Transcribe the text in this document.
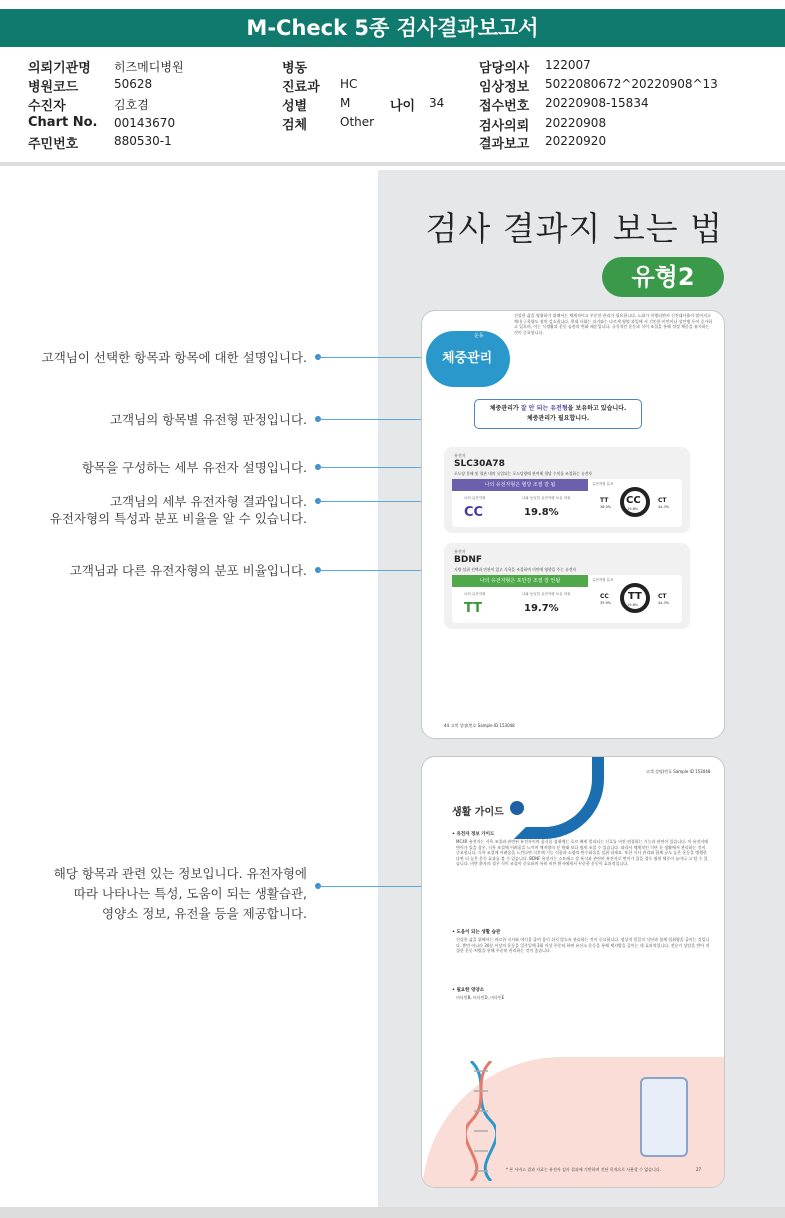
M-Check 5종 검사결과보고서
의뢰기관명 히즈메디병원
병원코드	50628
수진자	김호겸
Chart No. 00143670
주민번호	880530-1
병동
진료과 HC
성별	M
검체	Other
나이 34
담당의사 122007
임상정보 5022080672^20220908^13
접수번호 20220908-15834
검사의뢰 20220908
결과보고 20220920
고객님이 선택한 항목과 항목에 대한 설명입니다.
고객님의 항목별 유전형 판정입니다.
항목을 구성하는 세부 유전자 설명입니다.
고객님의 세부 유전자형 결과입니다.
유전자형의 특성과 분포 비율을 알 수 있습니다.
고객님과 다른 유전자형의 분포 비율입니다.
해당 항목과 관련 있는 정보입니다. 유전자형에
따라 나타나는 특성, 도움이 되는 생활습관,
영양소 정보, 유전율 등을 제공합니다.
검사 결과지 보는 법
유형2
운동
체중관리
건강한 삶을 영위하기 위해서는 체계적이고 꾸준한 관리가 필요합니다. 노화가 진행되면서 신진대사율이 떨어지고 체내 근육량도 점차 감소합니다. 현대 사회는 과거와는 다르게 영양 과잉에 서 기인한 비만이나 성인병 등이 증가하고 있으며, 이는 식생활과 운동 습관의 변화 때문입니다. 규칙적인 운동과 식이 조절을 통해 적정 체중을 유지하는 것이 중요합니다.
체중관리가 잘 안 되는 유전형을 보유하고 있습니다.
체중관리가 필요합니다.
유전자
SLC30A78
포도당 분해 및 혈관 내의 유입되는 포도당량에 관여해 혈당 수치를 조절하는 유전자
나의 유전자형은 혈당 조절 잘 됨
나의 유전자형	나와 동일한 유전자형 보유 비율
CC	19.8%
유전자형 분포
TT
36.0%
CC
19.8%
CT
44.3%
유전자
BDNF
지방 섭취 선택과 연관이 있고 식욕을 조절하여 비만에 영향을 주는 유전자
나의 유전자형은 포만감 조절 잘 안됨
나의 유전자형	나와 동일한 유전자형 보유 비율
TT	19.7%
유전자형 분포
CC
35.9%
TT
19.8%
CT
44.3%
44 고객 성명(번호 Sample ID 153048
고객 성명(번호 Sample ID 153048
생활 가이드
• 유전자 정보 가이드
MC4R 유전자는 식욕 조절과 관련된 유전자이며 음식물 섭취에는 호르 배게 멀리되는 신호를 비전 연결하는 기능과 관련이 있습니다. 이 유전자에 변이가 있을 경우, 식욕 조절에 어려움을 느끼며 체지방의 분 원래 보다 쉽게 조절 수 있습니다. 따라서 체계적인 식단 등 생활에서 관리하는 것이 중요합니다. 식욕 조절에 어려움을 느낀다면 식후에 기능 식품과 소량의 탄수화물을 섭취 하세요. 또한 식사 관리와 함께 규도 높은 운동을 병행한다면 더 높은 운동 효과를 볼 수 있습니다. BDNF 유전자는 스트레스 상 폭식과 관련된 유전자로 변이가 있을 경우 쉽게 체중이 늘어나 고 탈 수 있습니다. 비만 환자의 경우 식이 조절이 중요하며 특히 비만 환자에게서 꾸준한 운동이 효과적입니다.
• 도움이 되는 생활 습관
건강한 삶을 위해서는 바르한 식사와 야식을 줄여 몸이 쉬지 않도록 관리하는 것이 중요합니다. 정상적 일일의 식단과 함께 섭취량을 줄이는 것입니다. 뿐만 아니라 30분 이상의 운동을 일주일에 3회 이상 꾸준히 하면 유산소 운동을 통해 체지방을 줄이는 데 효과적입니다. 전문가 상담을 받아 적절한 운동 처방을 통해 꾸준히 관리하는 것이 좋습니다.
• 필요한 영양소
비타민B, 비타민D, 비타민E
* 본 서비스 결과 자료는 유전자 검사 결과에 기반하며 진단 목적으로 사용할 수 없습니다.	27
